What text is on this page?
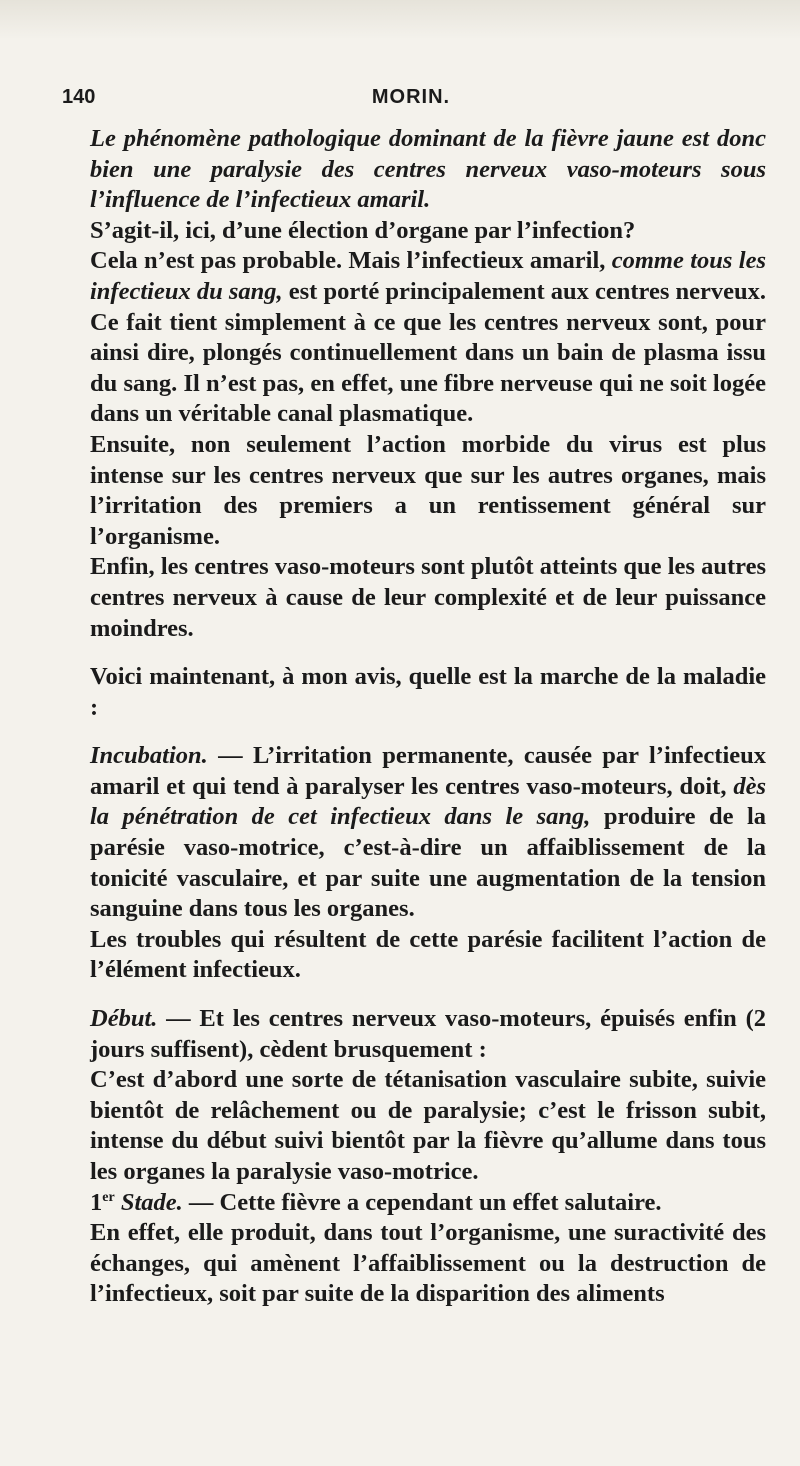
140	MORIN.

Le phénomène pathologique dominant de la fièvre jaune est donc bien une paralysie des centres nerveux vaso-moteurs sous l’influence de l’infectieux amaril.

S’agit-il, ici, d’une élection d’organe par l’infection?

Cela n’est pas probable. Mais l’infectieux amaril, comme tous les infectieux du sang, est porté principalement aux centres nerveux. Ce fait tient simplement à ce que les centres nerveux sont, pour ainsi dire, plongés continuellement dans un bain de plasma issu du sang. Il n’est pas, en effet, une fibre nerveuse qui ne soit logée dans un véritable canal plasmatique.

Ensuite, non seulement l’action morbide du virus est plus intense sur les centres nerveux que sur les autres organes, mais l’irritation des premiers a un rentissement général sur l’organisme.

Enfin, les centres vaso-moteurs sont plutôt atteints que les autres centres nerveux à cause de leur complexité et de leur puissance moindres.

Voici maintenant, à mon avis, quelle est la marche de la maladie :

Incubation. — L’irritation permanente, causée par l’infectieux amaril et qui tend à paralyser les centres vaso-moteurs, doit, dès la pénétration de cet infectieux dans le sang, produire de la parésie vaso-motrice, c’est-à-dire un affaiblissement de la tonicité vasculaire, et par suite une augmentation de la tension sanguine dans tous les organes.

Les troubles qui résultent de cette parésie facilitent l’action de l’élément infectieux.

Début. — Et les centres nerveux vaso-moteurs, épuisés enfin (2 jours suffisent), cèdent brusquement :

C’est d’abord une sorte de tétanisation vasculaire subite, suivie bientôt de relâchement ou de paralysie; c’est le frisson subit, intense du début suivi bientôt par la fièvre qu’allume dans tous les organes la paralysie vaso-motrice.

1er Stade. — Cette fièvre a cependant un effet salutaire.

En effet, elle produit, dans tout l’organisme, une suractivité des échanges, qui amènent l’affaiblissement ou la destruction de l’infectieux, soit par suite de la disparition des aliments
